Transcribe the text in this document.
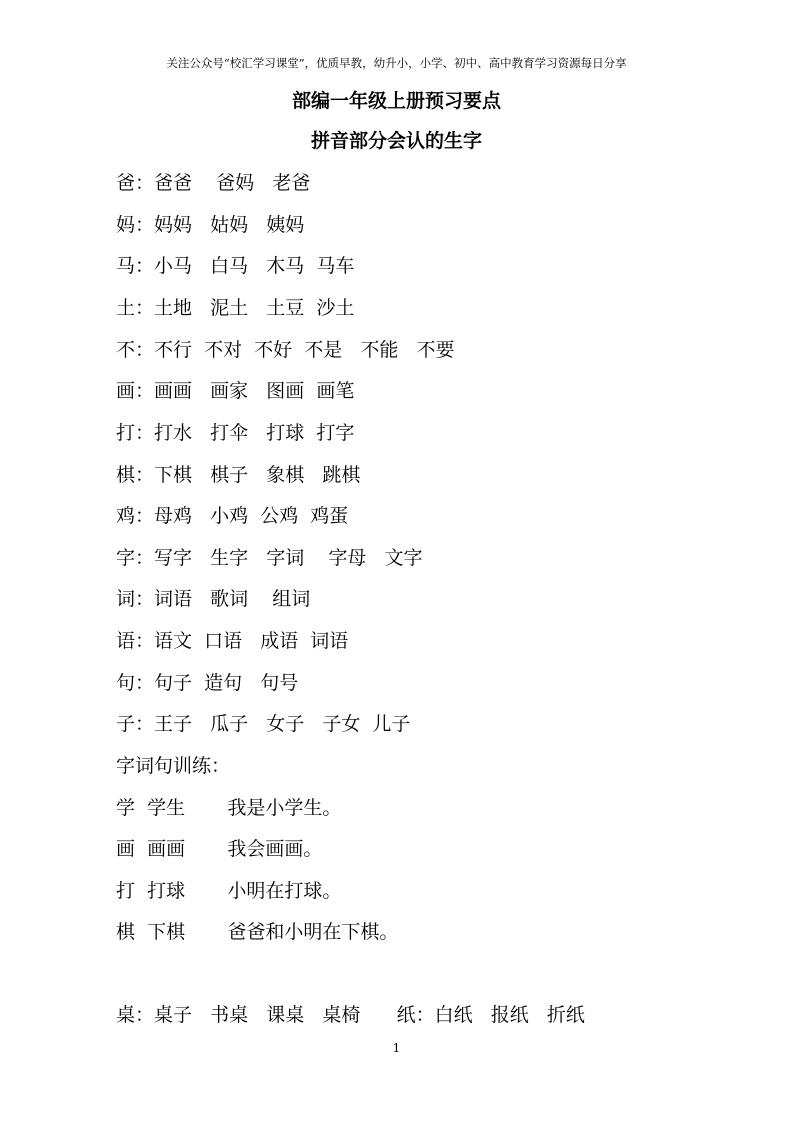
关注公众号“校汇学习课堂”，优质早教，幼升小，小学、初中、高中教育学习资源每日分享
部编一年级上册预习要点
拼音部分会认的生字
爸：爸爸    爸妈   老爸
妈：妈妈   姑妈   姨妈
马：小马   白马   木马  马车
土：土地   泥土   土豆  沙土
不：不行  不对  不好  不是   不能   不要
画：画画   画家   图画  画笔
打：打水   打伞   打球  打字
棋：下棋   棋子   象棋   跳棋
鸡：母鸡   小鸡  公鸡  鸡蛋
字：写字   生字   字词    字母   文字
词：词语   歌词    组词
语：语文  口语   成语  词语
句：句子  造句   句号
子：王子   瓜子   女子   子女  儿子
字词句训练：
学  学生       我是小学生。
画  画画       我会画画。
打  打球       小明在打球。
棋  下棋       爸爸和小明在下棋。
桌：桌子   书桌   课桌   桌椅      纸：白纸   报纸   折纸
1
